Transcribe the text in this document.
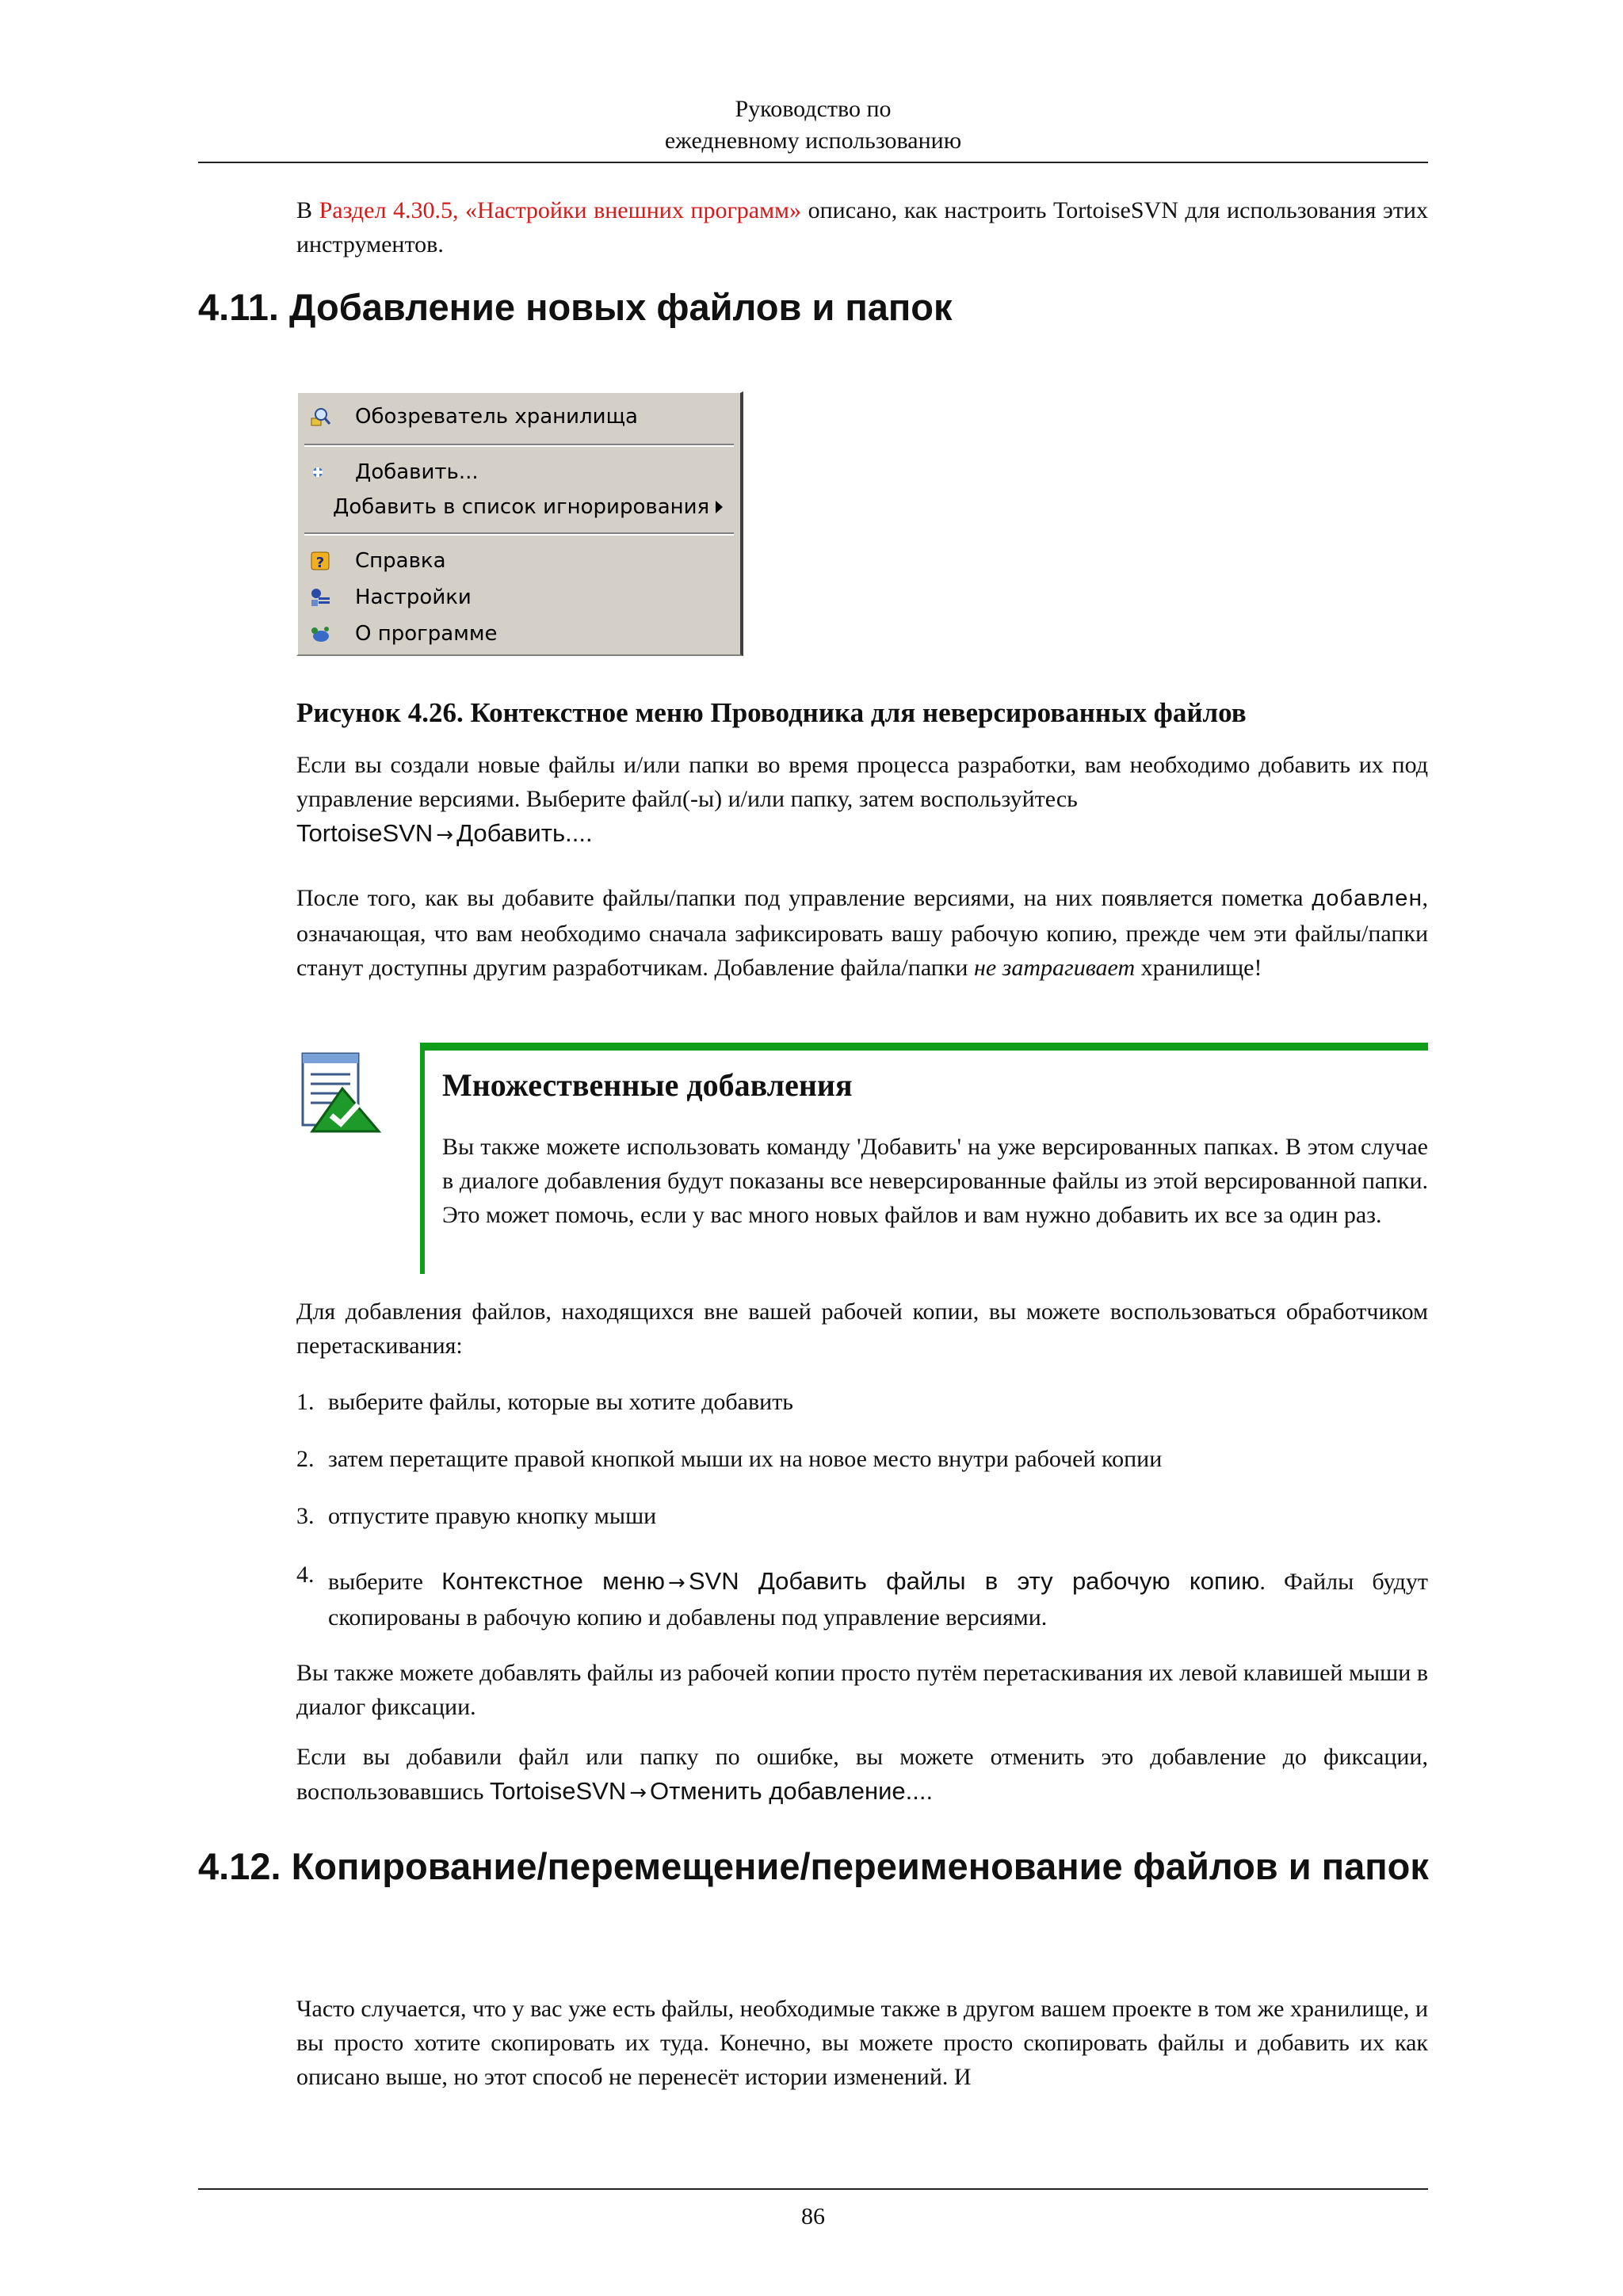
Руководство по
ежедневному использованию

В Раздел 4.30.5, «Настройки внешних программ» описано, как настроить TortoiseSVN для использования этих инструментов.

4.11. Добавление новых файлов и папок
Обозреватель хранилища
Добавить...
Добавить в список игнорирования
? Справка
Настройки
О программе

Рисунок 4.26. Контекстное меню Проводника для неверсированных файлов

Если вы создали новые файлы и/или папки во время процесса разработки, вам необходимо добавить их под управление версиями. Выберите файл(-ы) и/или папку, затем воспользуйтесь
TortoiseSVN → Добавить....

После того, как вы добавите файлы/папки под управление версиями, на них появляется пометка добавлен, означающая, что вам необходимо сначала зафиксировать вашу рабочую копию, прежде чем эти файлы/папки станут доступны другим разработчикам. Добавление файла/папки не затрагивает хранилище!

Множественные добавления

Вы также можете использовать команду 'Добавить' на уже версированных папках. В этом случае в диалоге добавления будут показаны все неверсированные файлы из этой версированной папки. Это может помочь, если у вас много новых файлов и вам нужно добавить их все за один раз.

Для добавления файлов, находящихся вне вашей рабочей копии, вы можете воспользоваться обработчиком перетаскивания:

1. выберите файлы, которые вы хотите добавить
2. затем перетащите правой кнопкой мыши их на новое место внутри рабочей копии
3. отпустите правую кнопку мыши
4. выберите Контекстное меню → SVN Добавить файлы в эту рабочую копию. Файлы будут скопированы в рабочую копию и добавлены под управление версиями.

Вы также можете добавлять файлы из рабочей копии просто путём перетаскивания их левой клавишей мыши в диалог фиксации.

Если вы добавили файл или папку по ошибке, вы можете отменить это добавление до фиксации, воспользовавшись TortoiseSVN → Отменить добавление....

4.12. Копирование/перемещение/переименование файлов и папок

Часто случается, что у вас уже есть файлы, необходимые также в другом вашем проекте в том же хранилище, и вы просто хотите скопировать их туда. Конечно, вы можете просто скопировать файлы и добавить их как описано выше, но этот способ не перенесёт истории изменений. И

86
